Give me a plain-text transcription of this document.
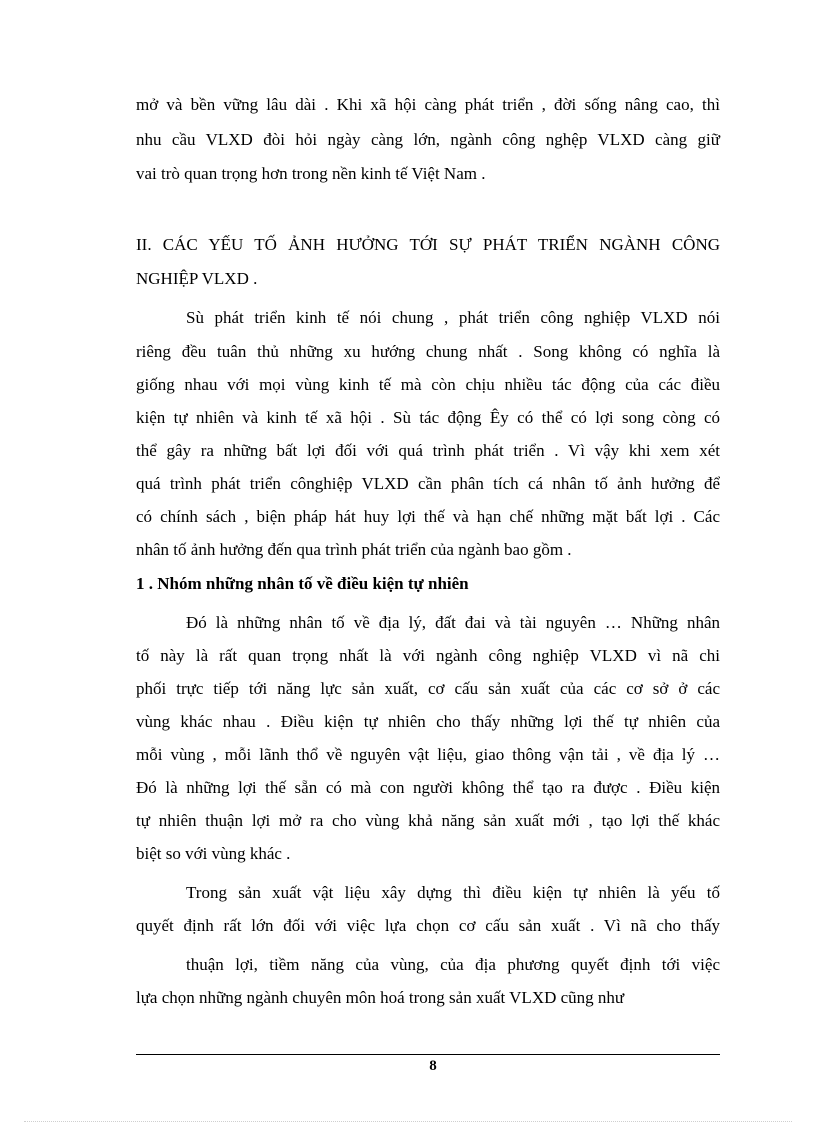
mở và bền vững lâu dài . Khi xã hội càng phát triển , đời sống nâng cao, thì
nhu cầu VLXD đòi hỏi ngày càng lớn, ngành công nghệp VLXD càng giữ
vai trò quan trọng hơn trong nền kinh tế Việt Nam .
II. CÁC YẾU TỐ ẢNH HƯỞNG TỚI SỰ PHÁT TRIỂN NGÀNH CÔNG
NGHIỆP VLXD .
Sù phát triển kinh tế nói chung , phát triển công nghiệp VLXD nói
riêng đều tuân thủ những xu hướng chung nhất . Song không có nghĩa là
giống nhau với mọi vùng kinh tế mà còn chịu nhiều tác động của các điều
kiện tự nhiên và kinh tế xã hội . Sù tác động Êy có thể có lợi song còng có
thể gây ra những bất lợi đối với quá trình phát triển . Vì vậy khi xem xét
quá trình phát triển cônghiệp VLXD cần phân tích cá nhân tố ảnh hưởng để
có chính sách , biện pháp hát huy lợi thế và hạn chế những mặt bất lợi . Các
nhân tố ảnh hưởng đến qua trình phát triển của ngành bao gồm .
1 . Nhóm những nhân tố về điều kiện tự nhiên
Đó là những nhân tố về địa lý, đất đai và tài nguyên … Những nhân
tố này là rất quan trọng nhất là với ngành công nghiệp VLXD vì nã chi
phối trực tiếp tới năng lực sản xuất, cơ cấu sản xuất của các cơ sở ở các
vùng khác nhau . Điều kiện tự nhiên cho thấy những lợi thế tự nhiên của
mỗi vùng , mỗi lãnh thổ về nguyên vật liệu, giao thông vận tải , về địa lý …
Đó là những lợi thế sẵn có mà con người không thể tạo ra được . Điều kiện
tự nhiên thuận lợi mở ra cho vùng khả năng sản xuất mới , tạo lợi thế khác
biệt so với vùng khác .
Trong sản xuất vật liệu xây dựng thì điều kiện tự nhiên là yếu tố
quyết định rất lớn đối với việc lựa chọn cơ cấu sản xuất . Vì nã cho thấy
thuận lợi, tiềm năng của vùng, của địa phương quyết định tới việc
lựa chọn những ngành chuyên môn hoá trong sản xuất VLXD cũng như
8
